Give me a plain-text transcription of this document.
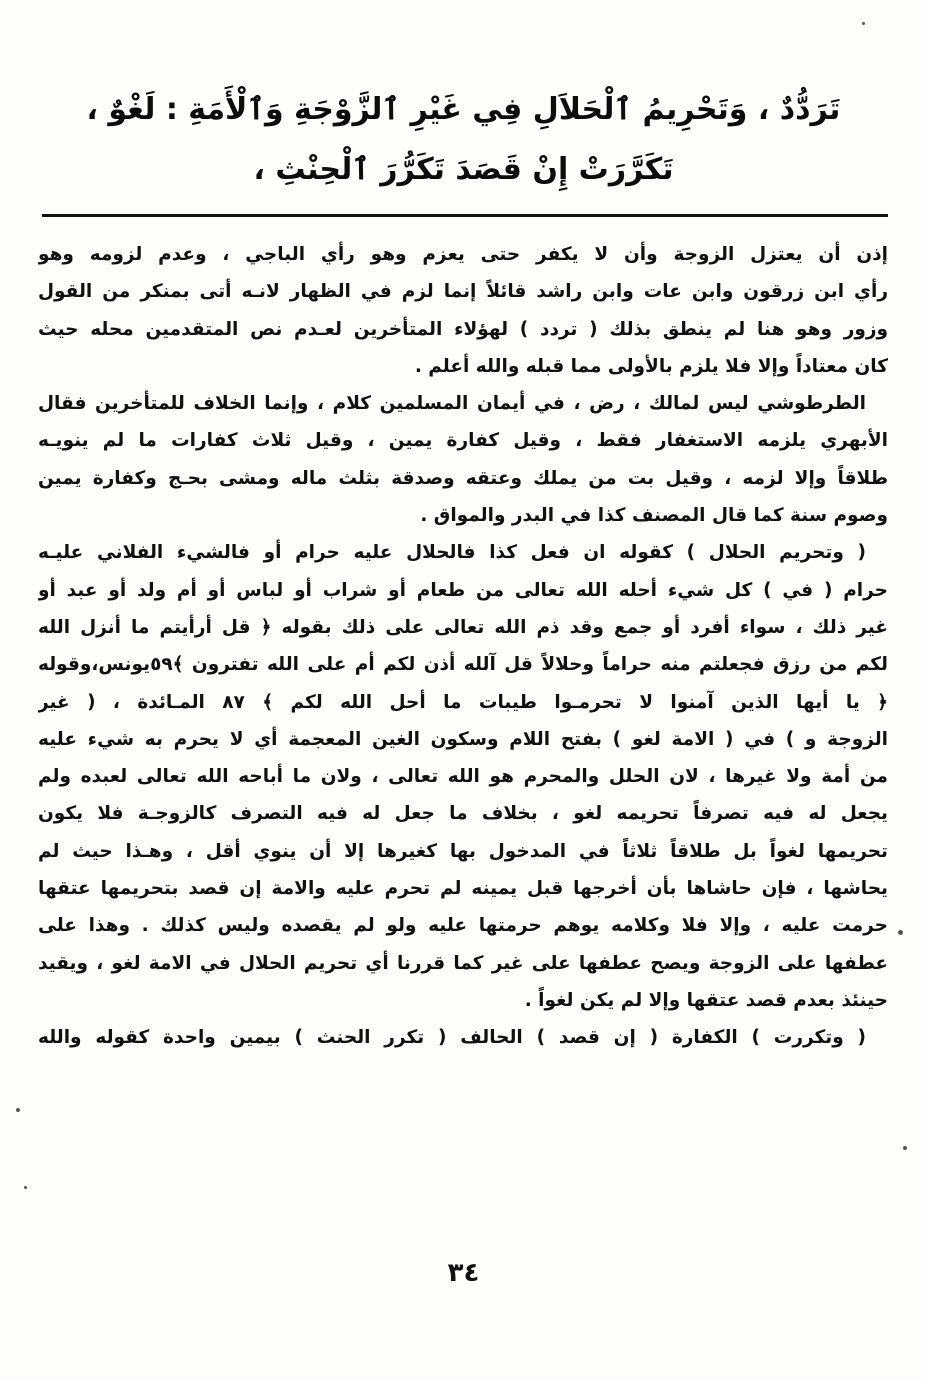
تَرَدُّدٌ ، وَتَحْرِيمُ ٱلْحَلاَلِ فِي غَيْرِ ٱلزَّوْجَةِ وَٱلْأَمَةِ : لَغْوٌ ،
تَكَرَّرَتْ إِنْ قَصَدَ تَكَرُّرَ ٱلْحِنْثِ ،
إذن أن يعتزل الزوجة وأن لا يكفر حتى يعزم وهو رأي الباجي ، وعدم لزومه وهو
رأي ابن زرقون وابن عات وابن راشد قائلاً إنما لزم في الظهار لانـه أتى بمنكر من القول
وزور وهو هنا لم ينطق بذلك ( تردد ) لهؤلاء المتأخرين لعـدم نص المتقدمين محله حيث
كان معتاداً وإلا فلا يلزم بالأولى مما قبله والله أعلم .
الطرطوشي ليس لمالك ، رض ، في أيمان المسلمين كلام ، وإنما الخلاف للمتأخرين فقال
الأبهري يلزمه الاستغفار فقط ، وقيل كفارة يمين ، وقيل ثلاث كفارات ما لم ينويـه
طلاقاً وإلا لزمه ، وقيل بت من يملك وعتقه وصدقة بثلث ماله ومشى بحـج وكفارة يمين
وصوم سنة كما قال المصنف كذا في البدر والمواق .
( وتحريم الحلال ) كقوله ان فعل كذا فالحلال عليه حرام أو فالشيء الفلاني عليـه
حرام ( في ) كل شيء أحله الله تعالى من طعام أو شراب أو لباس أو أم ولد أو عبد أو
غير ذلك ، سواء أفرد أو جمع وقد ذم الله تعالى على ذلك بقوله ﴿ قل أرأيتم ما أنزل الله
لكم من رزق فجعلتم منه حراماً وحلالاً قل آلله أذن لكم أم على الله تفترون ﴾٥٩يونس،وقوله
﴿ يا أيها الذين آمنوا لا تحرمـوا طيبات ما أحل الله لكم ﴾ ٨٧ المـائدة ، ( غير
الزوجة و ) في ( الامة لغو ) بفتح اللام وسكون الغين المعجمة أي لا يحرم به شيء عليه
من أمة ولا غيرها ، لان الحلل والمحرم هو الله تعالى ، ولان ما أباحه الله تعالى لعبده ولم
يجعل له فيه تصرفاً تحريمه لغو ، بخلاف ما جعل له فيه التصرف كالزوجـة فلا يكون
تحريمها لغواً بل طلاقاً ثلاثاً في المدخول بها كغيرها إلا أن ينوي أقل ، وهـذا حيث لم
يحاشها ، فإن حاشاها بأن أخرجها قبل يمينه لم تحرم عليه والامة إن قصد بتحريمها عتقها
حرمت عليه ، وإلا فلا وكلامه يوهم حرمتها عليه ولو لم يقصده وليس كذلك . وهذا على
عطفها على الزوجة ويصح عطفها على غير كما قررنا أي تحريم الحلال في الامة لغو ، ويقيد
حينئذ بعدم قصد عتقها وإلا لم يكن لغواً .
( وتكررت ) الكفارة ( إن قصد ) الحالف ( تكرر الحنث ) بيمين واحدة كقوله والله
٣٤
